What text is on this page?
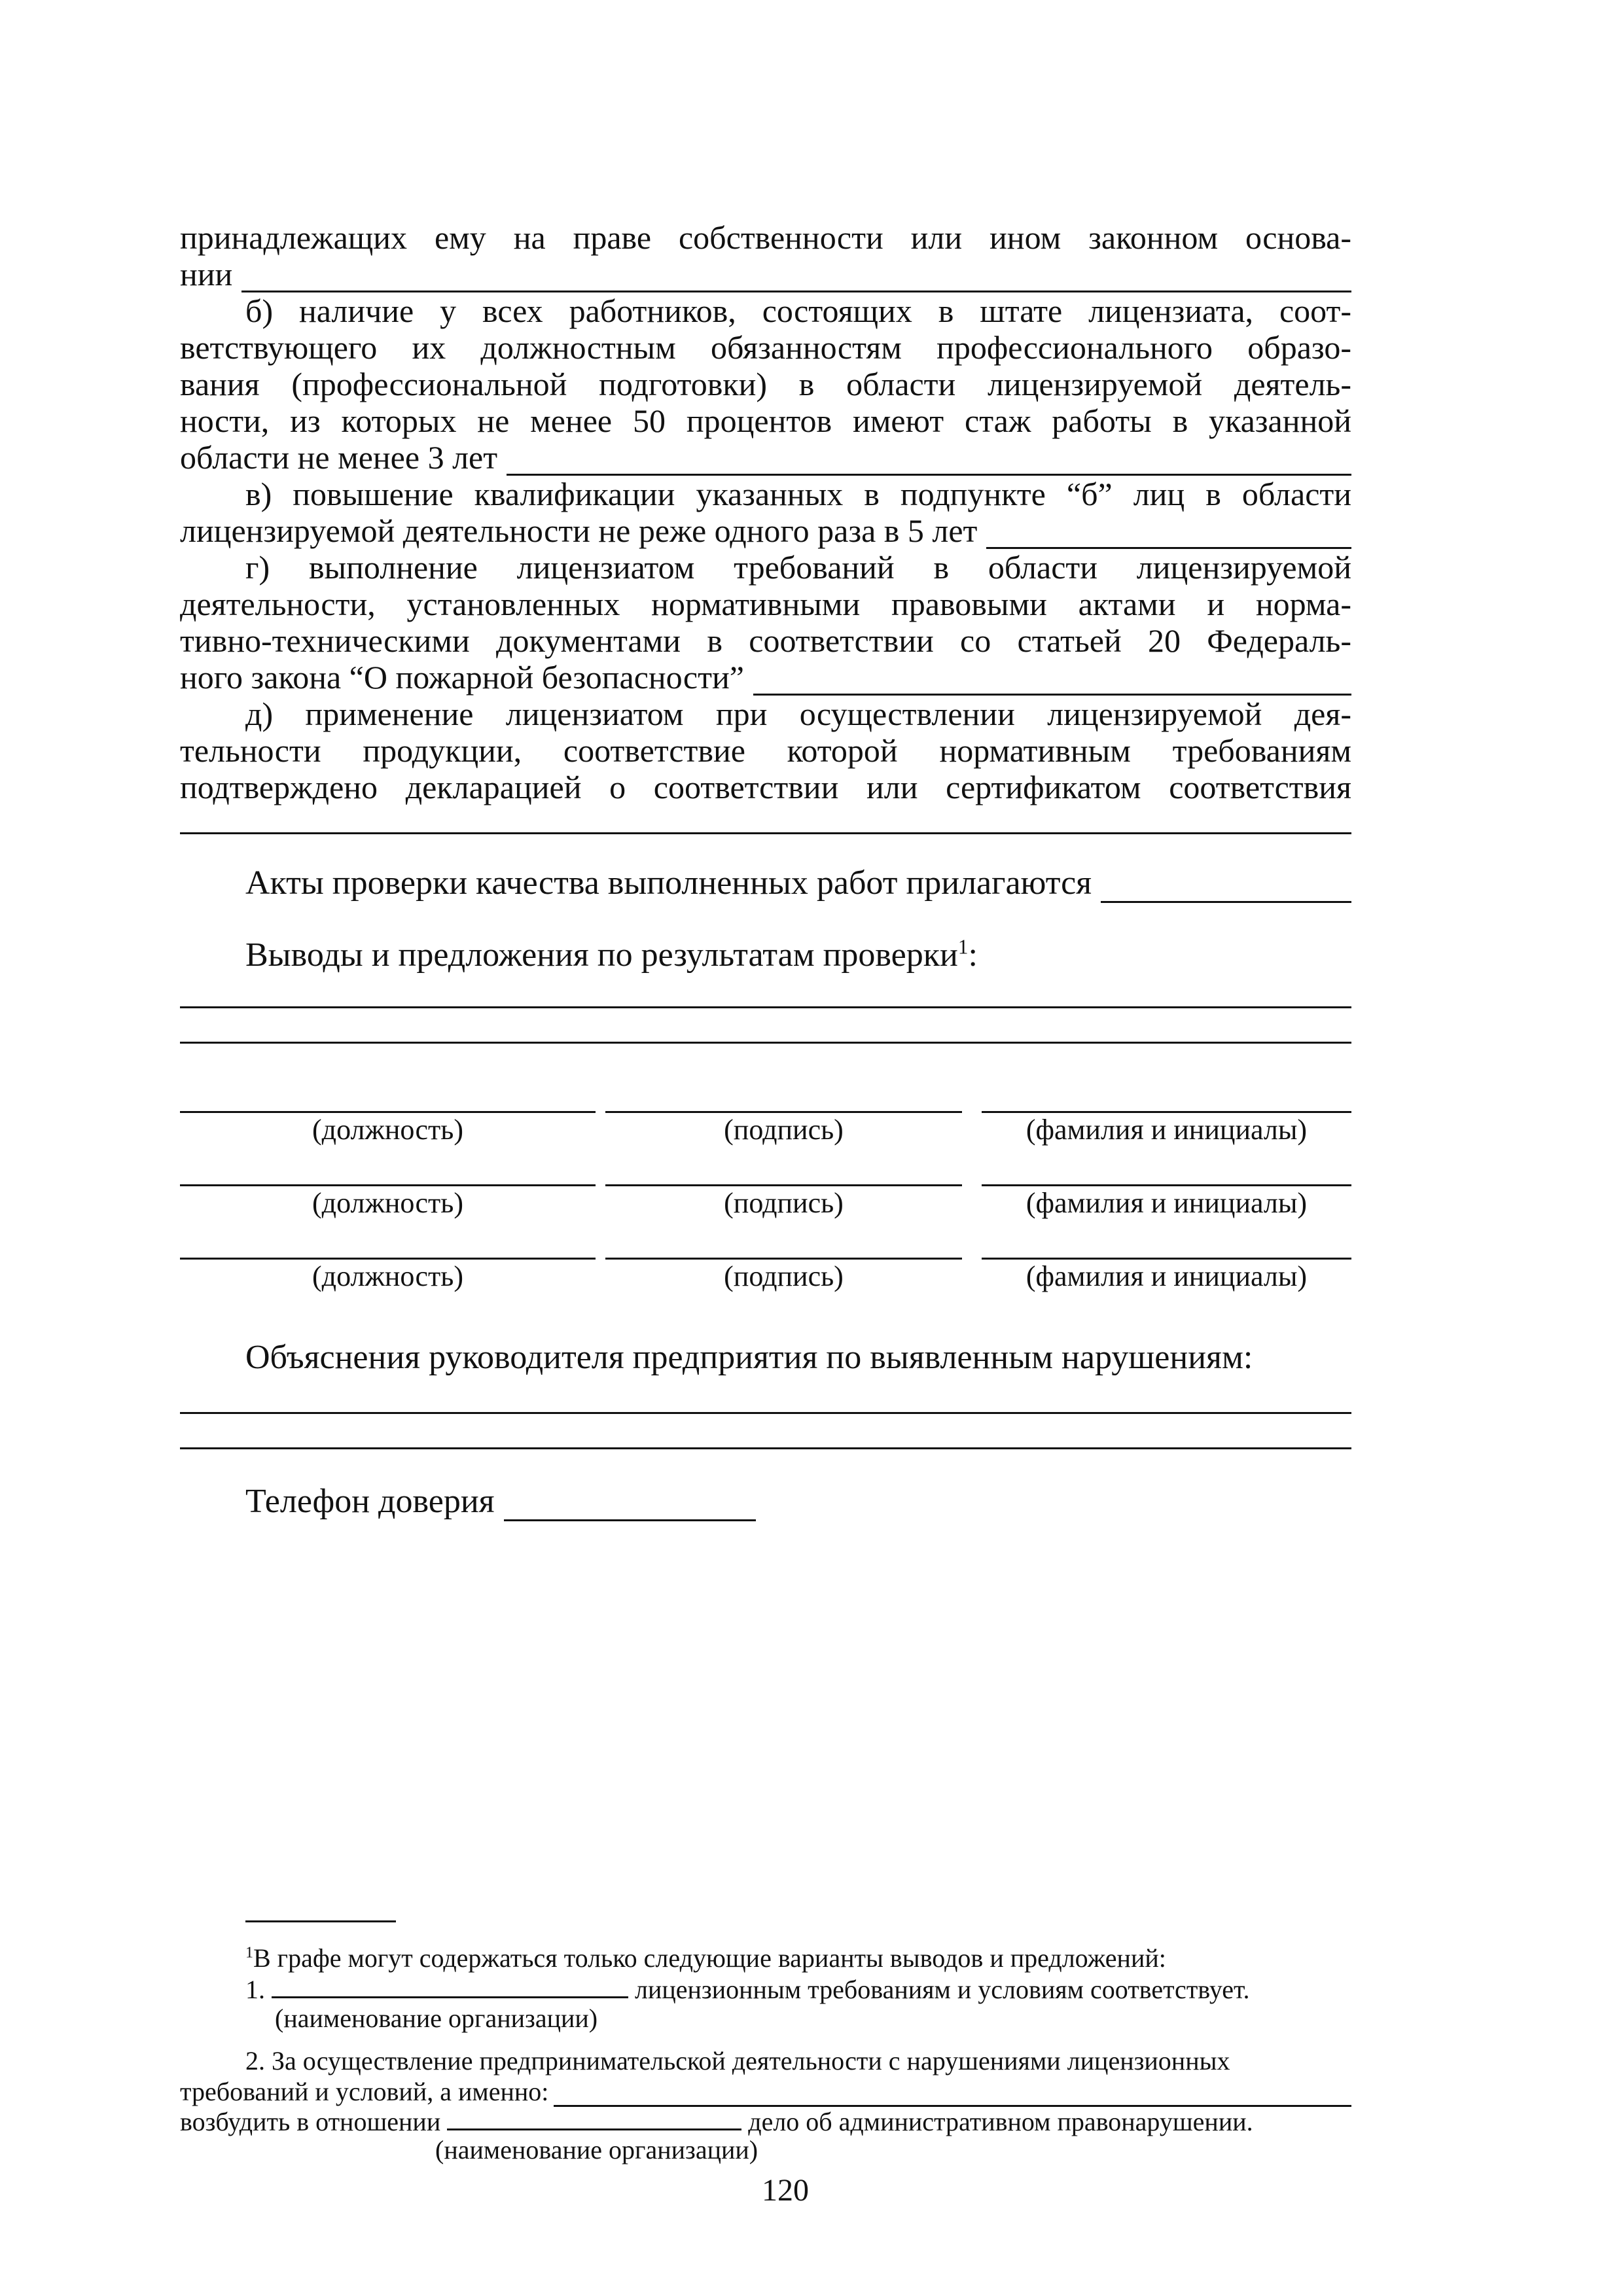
принадлежащих ему на праве собственности или ином законном основа-
нии
б) наличие у всех работников, состоящих в штате лицензиата, соот-
ветствующего их должностным обязанностям профессионального образо-
вания (профессиональной подготовки) в области лицензируемой деятель-
ности, из которых не менее 50 процентов имеют стаж работы в указанной
области не менее 3 лет
в) повышение квалификации указанных в подпункте “б” лиц в области
лицензируемой деятельности не реже одного раза в 5 лет
г) выполнение лицензиатом требований в области лицензируемой
деятельности, установленных нормативными правовыми актами и норма-
тивно-техническими документами в соответствии со статьей 20 Федераль-
ного закона “О пожарной безопасности”
д) применение лицензиатом при осуществлении лицензируемой дея-
тельности продукции, соответствие которой нормативным требованиям
подтверждено декларацией о соответствии или сертификатом соответствия
Акты проверки качества выполненных работ прилагаются
Выводы и предложения по результатам проверки$^1$:
(должность)	(подпись)	(фамилия и инициалы)
(должность)	(подпись)	(фамилия и инициалы)
(должность)	(подпись)	(фамилия и инициалы)
Объяснения руководителя предприятия по выявленным нарушениям:
Телефон доверия
$^1$В графе могут содержаться только следующие варианты выводов и предложений:
1.	лицензионным требованиям и условиям соответствует.
(наименование организации)
2. За осуществление предпринимательской деятельности с нарушениями лицензионных
требований и условий, а именно:
возбудить в отношении	дело об административном правонарушении.
(наименование организации)
120
